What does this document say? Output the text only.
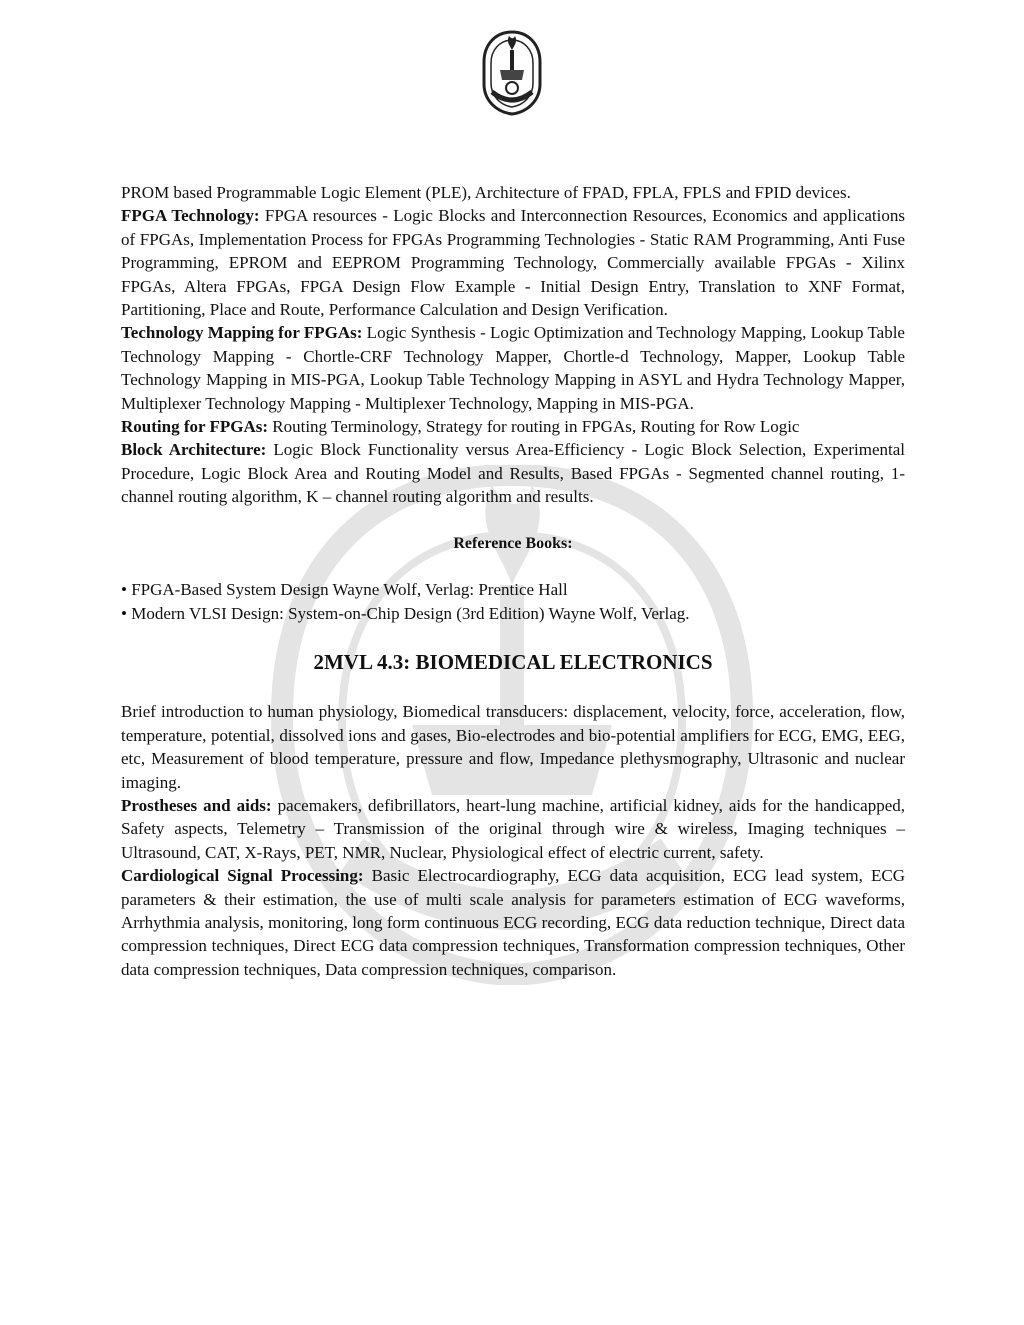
PROM based Programmable Logic Element (PLE), Architecture of FPAD, FPLA, FPLS and FPID devices.

FPGA Technology: FPGA resources - Logic Blocks and Interconnection Resources, Economics and applications of FPGAs, Implementation Process for FPGAs Programming Technologies - Static RAM Programming, Anti Fuse Programming, EPROM and EEPROM Programming Technology, Commercially available FPGAs - Xilinx FPGAs, Altera FPGAs, FPGA Design Flow Example - Initial Design Entry, Translation to XNF Format, Partitioning, Place and Route, Performance Calculation and Design Verification.

Technology Mapping for FPGAs: Logic Synthesis - Logic Optimization and Technology Mapping, Lookup Table Technology Mapping - Chortle-CRF Technology Mapper, Chortle-d Technology, Mapper, Lookup Table Technology Mapping in MIS-PGA, Lookup Table Technology Mapping in ASYL and Hydra Technology Mapper, Multiplexer Technology Mapping - Multiplexer Technology, Mapping in MIS-PGA.

Routing for FPGAs: Routing Terminology, Strategy for routing in FPGAs, Routing for Row Logic

Block Architecture: Logic Block Functionality versus Area-Efficiency - Logic Block Selection, Experimental Procedure, Logic Block Area and Routing Model and Results, Based FPGAs - Segmented channel routing, 1-channel routing algorithm, K – channel routing algorithm and results.

Reference Books:

• FPGA-Based System Design Wayne Wolf, Verlag: Prentice Hall

• Modern VLSI Design: System-on-Chip Design (3rd Edition) Wayne Wolf, Verlag.

2MVL 4.3: BIOMEDICAL ELECTRONICS

Brief introduction to human physiology, Biomedical transducers: displacement, velocity, force, acceleration, flow, temperature, potential, dissolved ions and gases, Bio-electrodes and bio-potential amplifiers for ECG, EMG, EEG, etc, Measurement of blood temperature, pressure and flow, Impedance plethysmography, Ultrasonic and nuclear imaging.

Prostheses and aids: pacemakers, defibrillators, heart-lung machine, artificial kidney, aids for the handicapped, Safety aspects, Telemetry – Transmission of the original through wire & wireless, Imaging techniques – Ultrasound, CAT, X-Rays, PET, NMR, Nuclear, Physiological effect of electric current, safety.

Cardiological Signal Processing: Basic Electrocardiography, ECG data acquisition, ECG lead system, ECG parameters & their estimation, the use of multi scale analysis for parameters estimation of ECG waveforms, Arrhythmia analysis, monitoring, long form continuous ECG recording, ECG data reduction technique, Direct data compression techniques, Direct ECG data compression techniques, Transformation compression techniques, Other data compression techniques, Data compression techniques, comparison.
